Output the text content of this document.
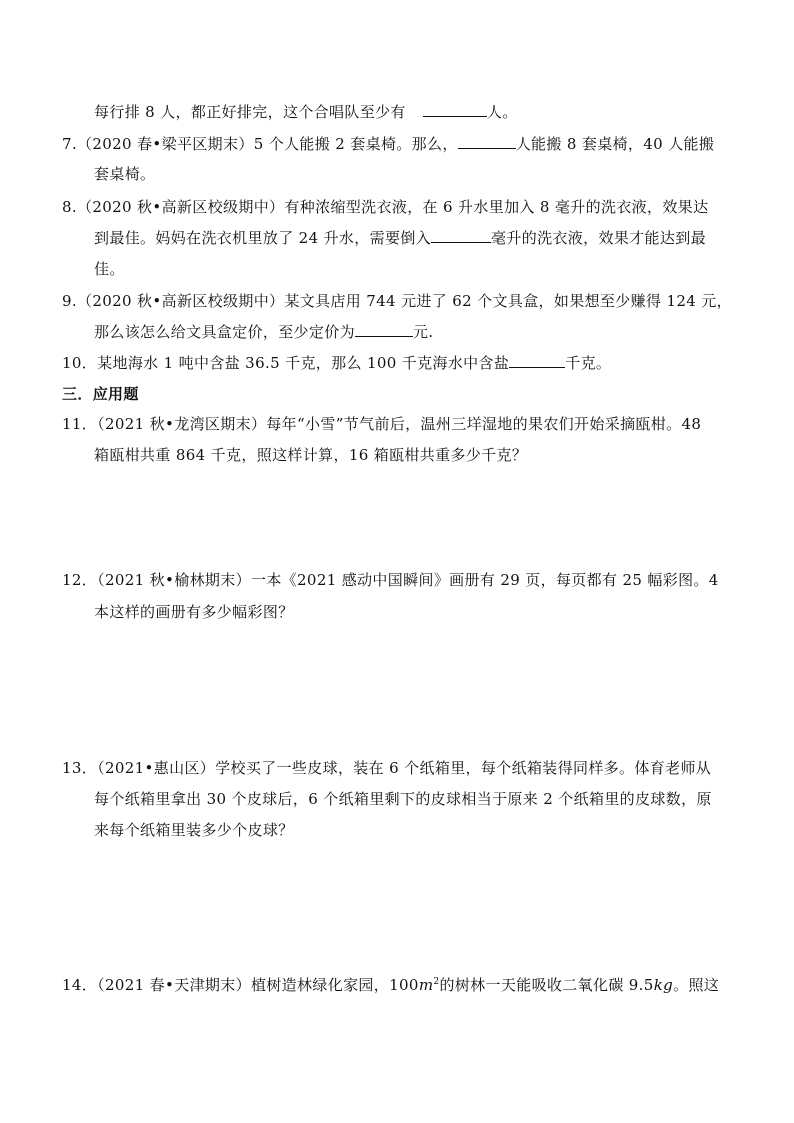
每行排 8 人，都正好排完，这个合唱队至少有	人。
7.（2020 春•梁平区期末）5 个人能搬 2 套桌椅。那么，	人能搬 8 套桌椅，40 人能搬
套桌椅。
8.（2020 秋•高新区校级期中）有种浓缩型洗衣液，在 6 升水里加入 8 毫升的洗衣液，效果达
到最佳。妈妈在洗衣机里放了 24 升水，需要倒入	毫升的洗衣液，效果才能达到最
佳。
9.（2020 秋•高新区校级期中）某文具店用 744 元进了 62 个文具盒，如果想至少赚得 124 元，
那么该怎么给文具盒定价，至少定价为	元.
10．某地海水 1 吨中含盐 36.5 千克，那么 100 千克海水中含盐	千克。
三．应用题
11．（2021 秋•龙湾区期末）每年“小雪”节气前后，温州三垟湿地的果农们开始采摘瓯柑。48
箱瓯柑共重 864 千克，照这样计算，16 箱瓯柑共重多少千克？
12．（2021 秋•榆林期末）一本《2021 感动中国瞬间》画册有 29 页，每页都有 25 幅彩图。4
本这样的画册有多少幅彩图？
13．（2021•惠山区）学校买了一些皮球，装在 6 个纸箱里，每个纸箱装得同样多。体育老师从
每个纸箱里拿出 30 个皮球后，6 个纸箱里剩下的皮球相当于原来 2 个纸箱里的皮球数，原
来每个纸箱里装多少个皮球？
14．（2021 春•天津期末）植树造林绿化家园，$100m^2$的树林一天能吸收二氧化碳 9.5kg。照这
